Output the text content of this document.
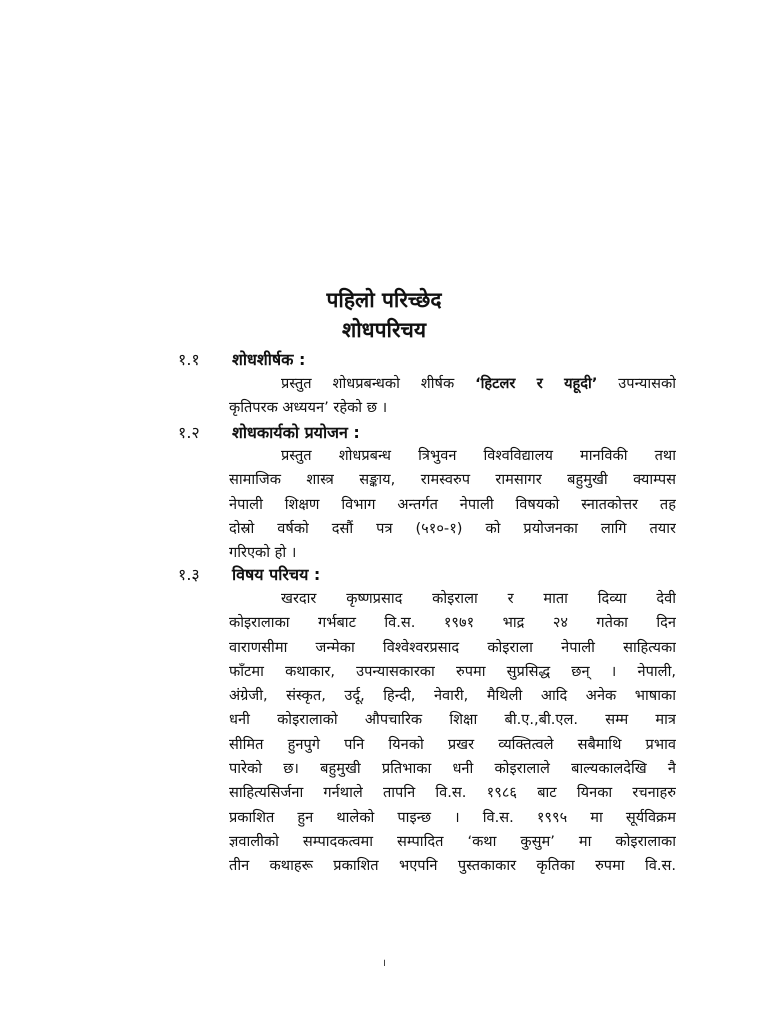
पहिलो परिच्छेद
शोधपरिचय
१.१ शोधशीर्षक :
प्रस्तुत शोधप्रबन्धको शीर्षक ‘हिटलर र यहूदी’ उपन्यासको
कृतिपरक अध्ययन’ रहेको छ ।
१.२ शोधकार्यको प्रयोजन :
प्रस्तुत शोधप्रबन्ध त्रिभुवन विश्वविद्यालय मानविकी तथा
सामाजिक शास्त्र सङ्काय, रामस्वरुप रामसागर बहुमुखी क्याम्पस
नेपाली शिक्षण विभाग अन्तर्गत नेपाली विषयको स्नातकोत्तर तह
दोस्रो वर्षको दसौं पत्र (५१०-१) को प्रयोजनका लागि तयार
गरिएको हो ।
१.३ विषय परिचय :
खरदार कृष्णप्रसाद कोइराला र माता दिव्या देवी
कोइरालाका गर्भबाट वि.स. १९७१ भाद्र २४ गतेका दिन
वाराणसीमा जन्मेका विश्वेश्वरप्रसाद कोइराला नेपाली साहित्यका
फाँटमा कथाकार, उपन्यासकारका रुपमा सुप्रसिद्ध छन् । नेपाली,
अंग्रेजी, संस्कृत, उर्दू, हिन्दी, नेवारी, मैथिली आदि अनेक भाषाका
धनी कोइरालाको औपचारिक शिक्षा बी.ए.,बी.एल. सम्म मात्र
सीमित हुनपुगे पनि यिनको प्रखर व्यक्तित्वले सबैमाथि प्रभाव
पारेको छ। बहुमुखी प्रतिभाका धनी कोइरालाले बाल्यकालदेखि नै
साहित्यसिर्जना गर्नथाले तापनि वि.स. १९८६ बाट यिनका रचनाहरु
प्रकाशित हुन थालेको पाइन्छ । वि.स. १९९५ मा सूर्यविक्रम
ज्ञवालीको सम्पादकत्वमा सम्पादित ‘कथा कुसुम’ मा कोइरालाका
तीन कथाहरू प्रकाशित भएपनि पुस्तकाकार कृतिका रुपमा वि.स.
।
